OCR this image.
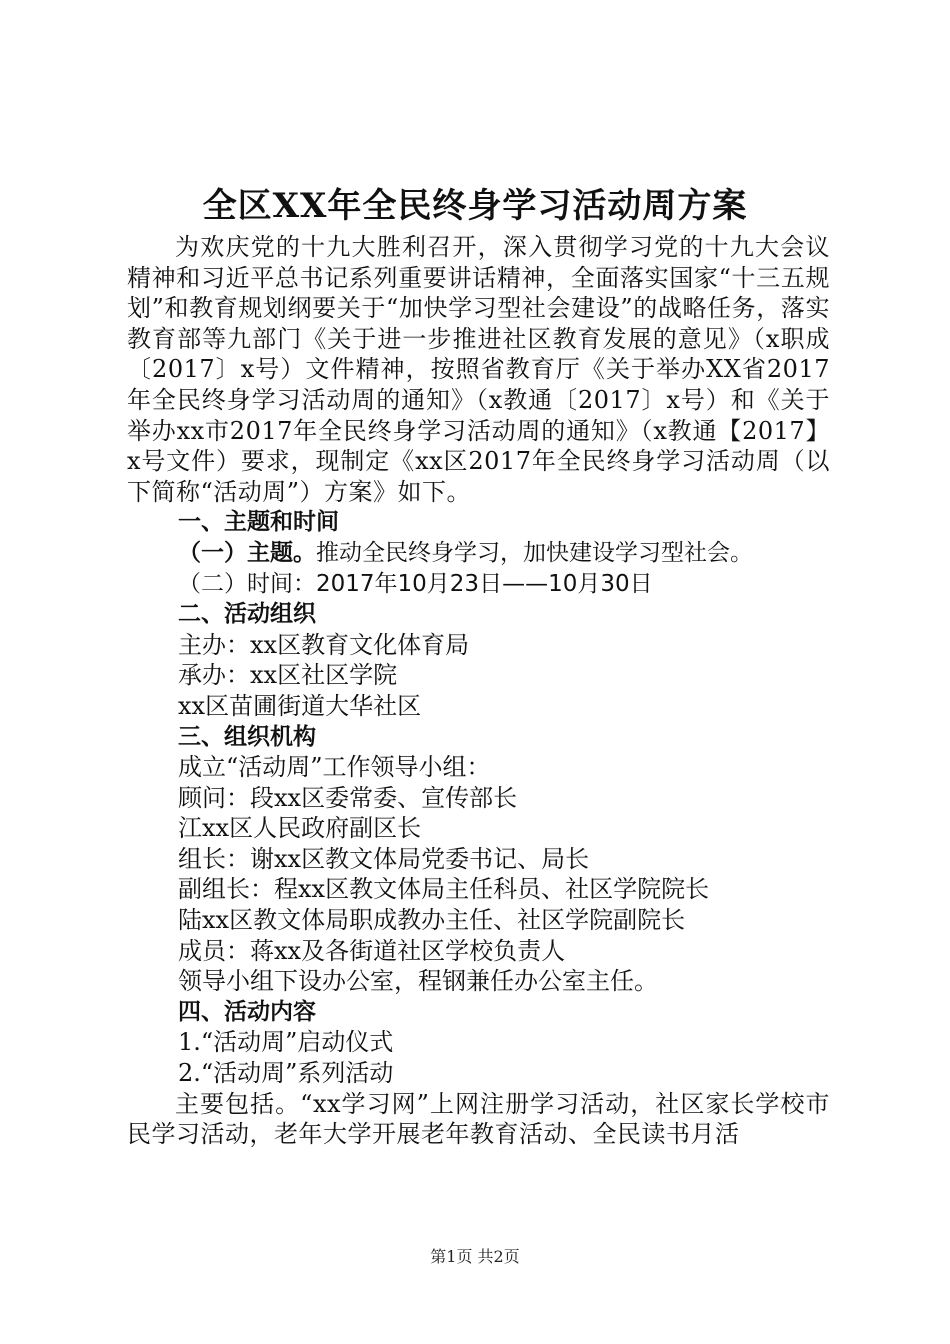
全区XX年全民终身学习活动周方案

为欢庆党的十九大胜利召开，深入贯彻学习党的十九大会议精神和习近平总书记系列重要讲话精神，全面落实国家“十三五规划”和教育规划纲要关于“加快学习型社会建设”的战略任务，落实教育部等九部门《关于进一步推进社区教育发展的意见》（x职成〔2017〕x号）文件精神，按照省教育厅《关于举办XX省2017年全民终身学习活动周的通知》（x教通〔2017〕x号）和《关于举办xx市2017年全民终身学习活动周的通知》（x教通【2017】x号文件）要求，现制定《xx区2017年全民终身学习活动周（以下简称“活动周”）方案》如下。

一、主题和时间

（一）主题。推动全民终身学习，加快建设学习型社会。

（二）时间：2017年10月23日——10月30日

二、活动组织

主办：xx区教育文化体育局

承办：xx区社区学院

xx区苗圃街道大华社区

三、组织机构

成立“活动周”工作领导小组：

顾问：段xx区委常委、宣传部长

江xx区人民政府副区长

组长：谢xx区教文体局党委书记、局长

副组长：程xx区教文体局主任科员、社区学院院长

陆xx区教文体局职成教办主任、社区学院副院长

成员：蒋xx及各街道社区学校负责人

领导小组下设办公室，程钢兼任办公室主任。

四、活动内容

1.“活动周”启动仪式

2.“活动周”系列活动

主要包括。“xx学习网”上网注册学习活动，社区家长学校市民学习活动，老年大学开展老年教育活动、全民读书月活

第1页 共2页
